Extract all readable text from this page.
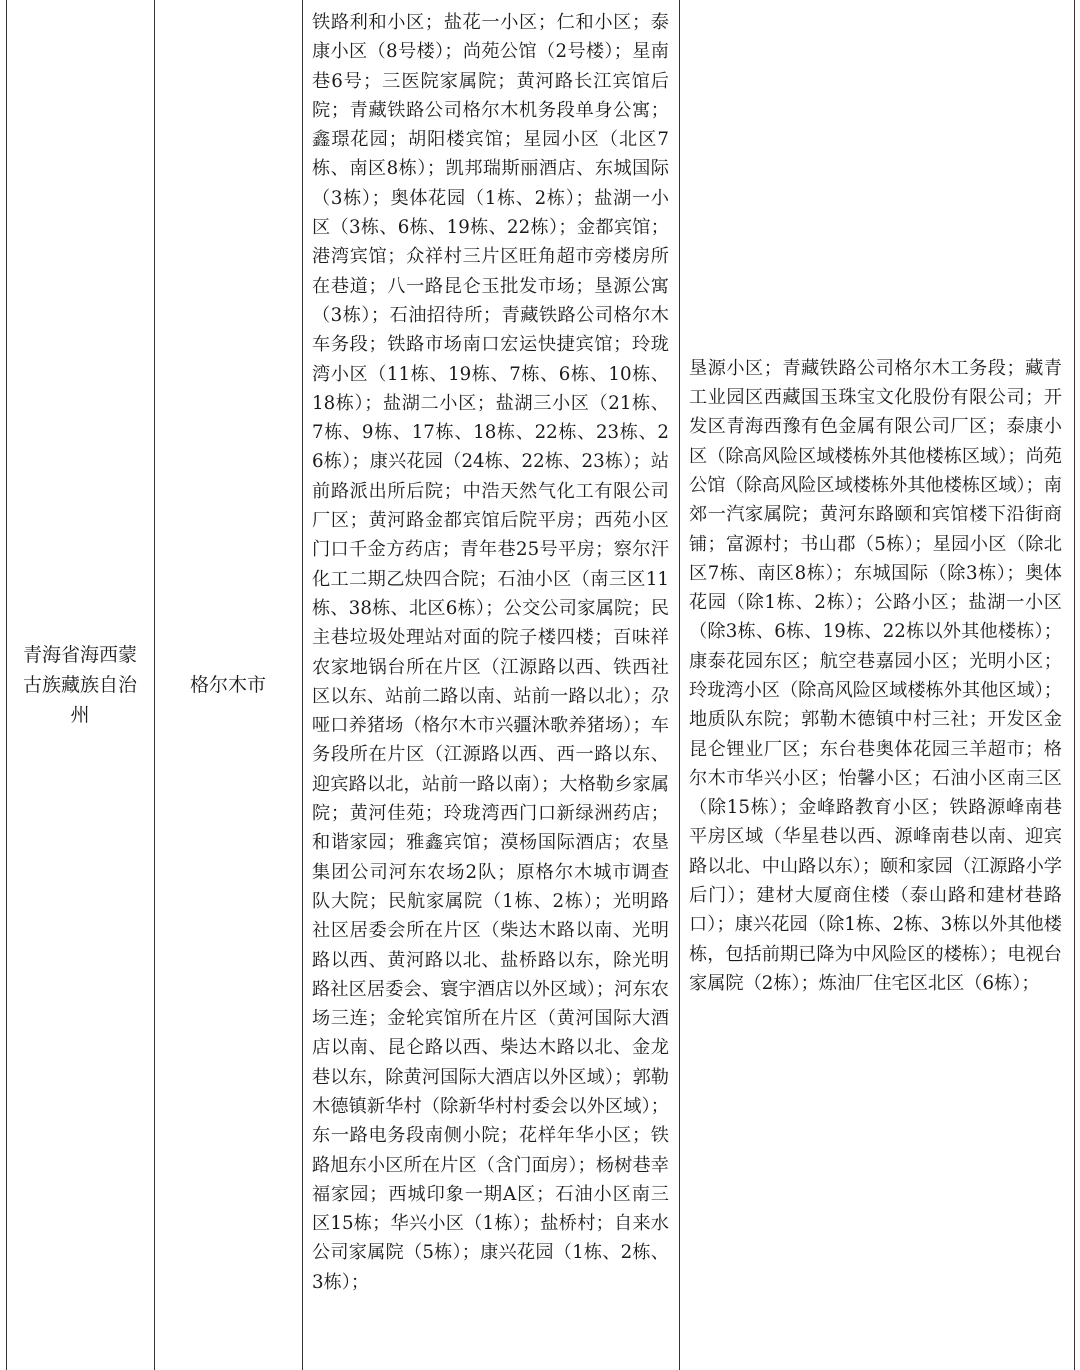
青海省海西蒙古族藏族自治州
格尔木市
铁路利和小区；盐花一小区；仁和小区；泰康小区（8号楼）；尚苑公馆（2号楼）；星南巷6号；三医院家属院；黄河路长江宾馆后院；青藏铁路公司格尔木机务段单身公寓；鑫璟花园；胡阳楼宾馆；星园小区（北区7栋、南区8栋）；凯邦瑞斯丽酒店、东城国际（3栋）；奥体花园（1栋、2栋）；盐湖一小区（3栋、6栋、19栋、22栋）；金都宾馆；港湾宾馆；众祥村三片区旺角超市旁楼房所在巷道；八一路昆仑玉批发市场；垦源公寓（3栋）；石油招待所；青藏铁路公司格尔木车务段；铁路市场南口宏运快捷宾馆；玲珑湾小区（11栋、19栋、7栋、6栋、10栋、18栋）；盐湖二小区；盐湖三小区（21栋、7栋、9栋、17栋、18栋、22栋、23栋、26栋）；康兴花园（24栋、22栋、23栋）；站前路派出所后院；中浩天然气化工有限公司厂区；黄河路金都宾馆后院平房；西苑小区门口千金方药店；青年巷25号平房；察尔汗化工二期乙炔四合院；石油小区（南三区11栋、38栋、北区6栋）；公交公司家属院；民主巷垃圾处理站对面的院子楼四楼；百味祥农家地锅台所在片区（江源路以西、铁西社区以东、站前二路以南、站前一路以北）；尕哑口养猪场（格尔木市兴疆沐歌养猪场）；车务段所在片区（江源路以西、西一路以东、迎宾路以北，站前一路以南）；大格勒乡家属院；黄河佳苑；玲珑湾西门口新绿洲药店；和谐家园；雅鑫宾馆；漠杨国际酒店；农垦集团公司河东农场2队；原格尔木城市调查队大院；民航家属院（1栋、2栋）；光明路社区居委会所在片区（柴达木路以南、光明路以西、黄河路以北、盐桥路以东，除光明路社区居委会、寰宇酒店以外区域）；河东农场三连；金轮宾馆所在片区（黄河国际大酒店以南、昆仑路以西、柴达木路以北、金龙巷以东，除黄河国际大酒店以外区域）；郭勒木德镇新华村（除新华村村委会以外区域）；东一路电务段南侧小院；花样年华小区；铁路旭东小区所在片区（含门面房）；杨树巷幸福家园；西城印象一期A区；石油小区南三区15栋；华兴小区（1栋）；盐桥村；自来水公司家属院（5栋）；康兴花园（1栋、2栋、3栋）；
垦源小区；青藏铁路公司格尔木工务段；藏青工业园区西藏国玉珠宝文化股份有限公司；开发区青海西豫有色金属有限公司厂区；泰康小区（除高风险区域楼栋外其他楼栋区域）；尚苑公馆（除高风险区域楼栋外其他楼栋区域）；南郊一汽家属院；黄河东路颐和宾馆楼下沿街商铺；富源村；书山郡（5栋）；星园小区（除北区7栋、南区8栋）；东城国际（除3栋）；奥体花园（除1栋、2栋）；公路小区；盐湖一小区（除3栋、6栋、19栋、22栋以外其他楼栋）；康泰花园东区；航空巷嘉园小区；光明小区；玲珑湾小区（除高风险区域楼栋外其他区域）；地质队东院；郭勒木德镇中村三社；开发区金昆仑锂业厂区；东台巷奥体花园三羊超市；格尔木市华兴小区；怡馨小区；石油小区南三区（除15栋）；金峰路教育小区；铁路源峰南巷平房区域（华星巷以西、源峰南巷以南、迎宾路以北、中山路以东）；颐和家园（江源路小学后门）；建材大厦商住楼（泰山路和建材巷路口）；康兴花园（除1栋、2栋、3栋以外其他楼栋，包括前期已降为中风险区的楼栋）；电视台家属院（2栋）；炼油厂住宅区北区（6栋）；
